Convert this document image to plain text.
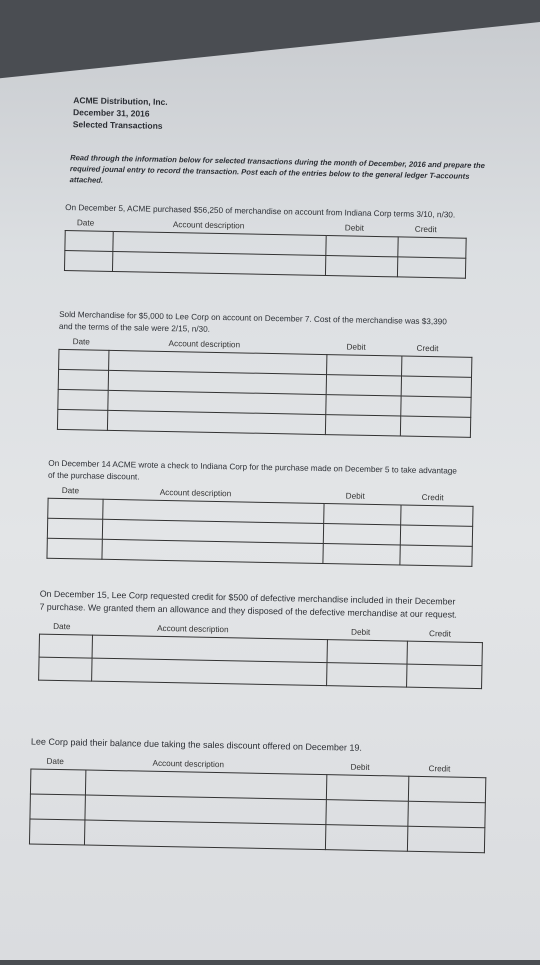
ACME Distribution, Inc.
December 31, 2016
Selected Transactions
Read through the information below for selected transactions during the month of December, 2016 and prepare the required jounal entry to record the transaction. Post each of the entries below to the general ledger T-accounts attached.
On December 5, ACME purchased $56,250 of merchandise on account from Indiana Corp terms 3/10, n/30.
Date	Account description	Debit	Credit

Sold Merchandise for $5,000 to Lee Corp on account on December 7. Cost of the merchandise was $3,390 and the terms of the sale were 2/15, n/30.
Date	Account description	Debit	Credit

On December 14 ACME wrote a check to Indiana Corp for the purchase made on December 5 to take advantage of the purchase discount.
Date	Account description	Debit	Credit

On December 15, Lee Corp requested credit for $500 of defective merchandise included in their December 7 purchase. We granted them an allowance and they disposed of the defective merchandise at our request.
Date	Account description	Debit	Credit

Lee Corp paid their balance due taking the sales discount offered on December 19.
Date	Account description	Debit	Credit
